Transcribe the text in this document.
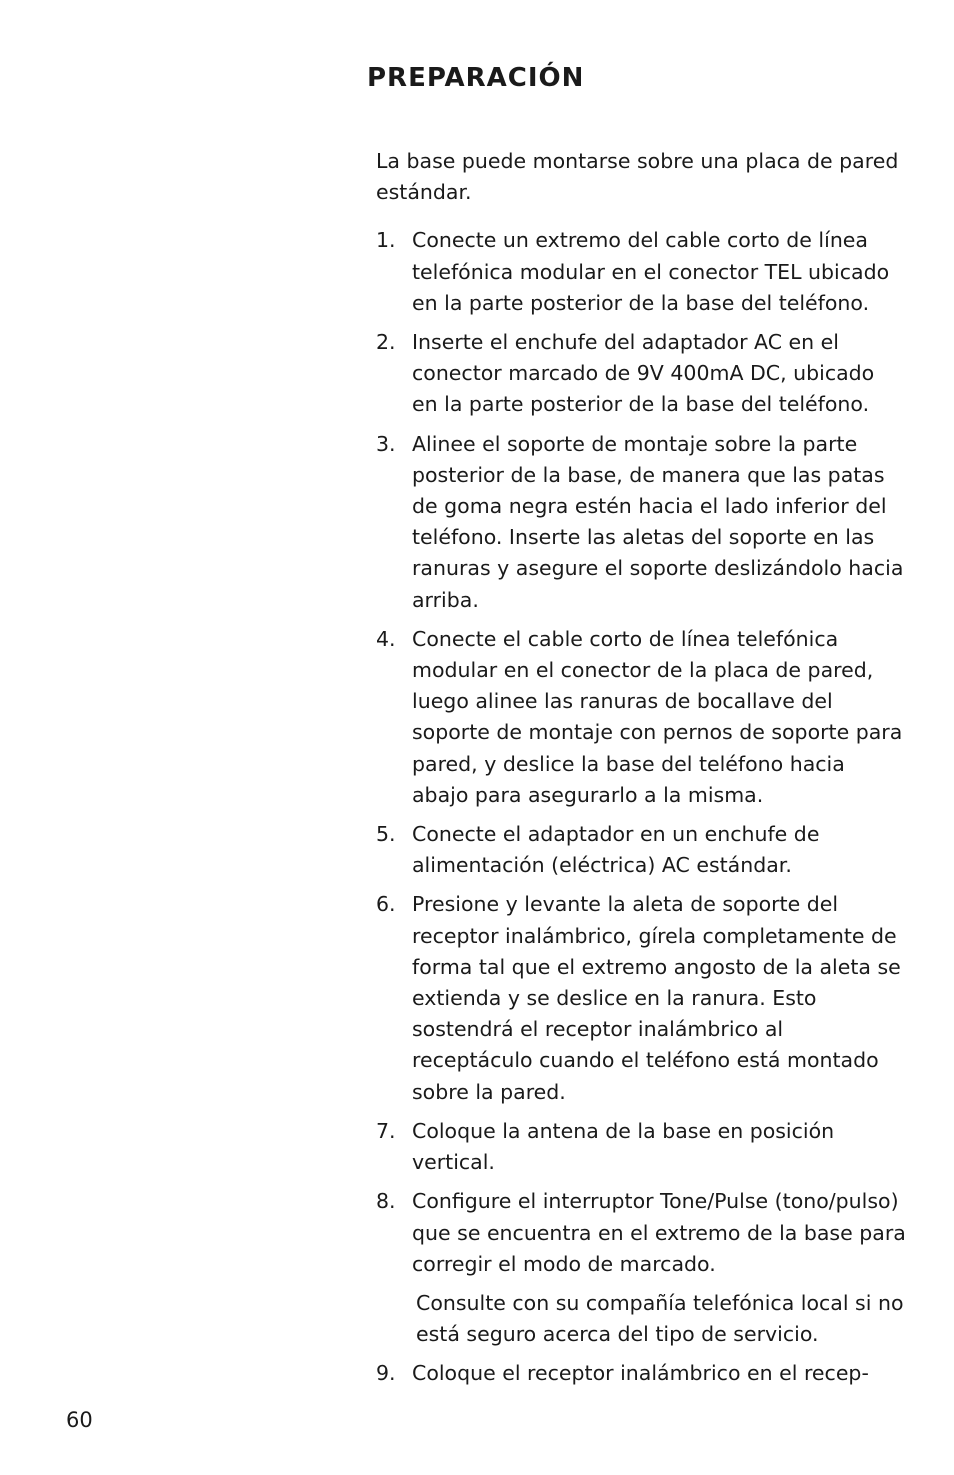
PREPARACIÓN

La base puede montarse sobre una placa de pared estándar.

1. Conecte un extremo del cable corto de línea telefónica modular en el conector TEL ubicado en la parte posterior de la base del teléfono.
2. Inserte el enchufe del adaptador AC en el conector marcado de 9V 400mA DC, ubicado en la parte posterior de la base del teléfono.
3. Alinee el soporte de montaje sobre la parte posterior de la base, de manera que las patas de goma negra estén hacia el lado inferior del teléfono. Inserte las aletas del soporte en las ranuras y asegure el soporte deslizándolo hacia arriba.
4. Conecte el cable corto de línea telefónica modular en el conector de la placa de pared, luego alinee las ranuras de bocallave del soporte de montaje con pernos de soporte para pared, y deslice la base del teléfono hacia abajo para asegurarlo a la misma.
5. Conecte el adaptador en un enchufe de alimentación (eléctrica) AC estándar.
6. Presione y levante la aleta de soporte del receptor inalámbrico, gírela completamente de forma tal que el extremo angosto de la aleta se extienda y se deslice en la ranura. Esto sostendrá el receptor inalámbrico al receptáculo cuando el teléfono está montado sobre la pared.
7. Coloque la antena de la base en posición vertical.
8. Configure el interruptor Tone/Pulse (tono/pulso) que se encuentra en el extremo de la base para corregir el modo de marcado.
Consulte con su compañía telefónica local si no está seguro acerca del tipo de servicio.
9. Coloque el receptor inalámbrico en el recep-
60
